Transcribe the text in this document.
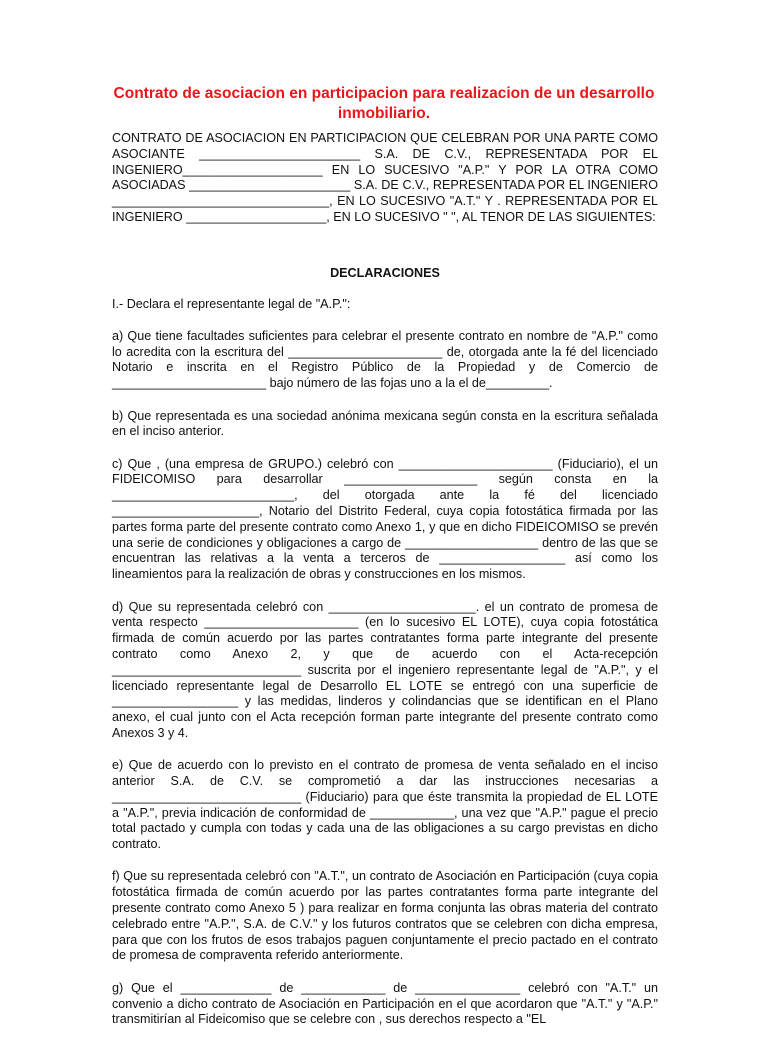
Contrato de asociacion en participacion para realizacion de un desarrollo inmobiliario.

CONTRATO DE ASOCIACION EN PARTICIPACION QUE CELEBRAN POR UNA PARTE COMO ASOCIANTE _______________________ S.A. DE C.V., REPRESENTADA POR EL INGENIERO____________________ EN LO SUCESIVO "A.P." Y POR LA OTRA COMO ASOCIADAS _______________________ S.A. DE C.V., REPRESENTADA POR EL INGENIERO _______________________________, EN LO SUCESIVO "A.T." Y . REPRESENTADA POR EL INGENIERO ____________________, EN LO SUCESIVO " ", AL TENOR DE LAS SIGUIENTES:

DECLARACIONES

I.- Declara el representante legal de "A.P.":

a) Que tiene facultades suficientes para celebrar el presente contrato en nombre de "A.P." como lo acredita con la escritura del ______________________ de, otorgada ante la fé del licenciado Notario e inscrita en el Registro Público de la Propiedad y de Comercio de ______________________ bajo número de las fojas uno a la el de_________.

b) Que representada es una sociedad anónima mexicana según consta en la escritura señalada en el inciso anterior.

c) Que , (una empresa de GRUPO.) celebró con ______________________ (Fiduciario), el un FIDEICOMISO para desarrollar ___________________ según consta en la __________________________, del otorgada ante la fé del licenciado _____________________, Notario del Distrito Federal, cuya copia fotostática firmada por las partes forma parte del presente contrato como Anexo 1, y que en dicho FIDEICOMISO se prevén una serie de condiciones y obligaciones a cargo de ___________________ dentro de las que se encuentran las relativas a la venta a terceros de __________________ así como los lineamientos para la realización de obras y construcciones en los mismos.

d) Que su representada celebró con _____________________. el un contrato de promesa de venta respecto ______________________ (en lo sucesivo EL LOTE), cuya copia fotostática firmada de común acuerdo por las partes contratantes forma parte integrante del presente contrato como Anexo 2, y que de acuerdo con el Acta-recepción ___________________________ suscrita por el ingeniero representante legal de "A.P.", y el licenciado representante legal de Desarrollo EL LOTE se entregó con una superficie de __________________ y las medidas, linderos y colindancias que se identifican en el Plano anexo, el cual junto con el Acta recepción forman parte integrante del presente contrato como Anexos 3 y 4.

e) Que de acuerdo con lo previsto en el contrato de promesa de venta señalado en el inciso anterior S.A. de C.V. se comprometió a dar las instrucciones necesarias a ___________________________ (Fiduciario) para que éste transmita la propiedad de EL LOTE a "A.P.", previa indicación de conformidad de ____________, una vez que "A.P." pague el precio total pactado y cumpla con todas y cada una de las obligaciones a su cargo previstas en dicho contrato.

f) Que su representada celebró con "A.T.", un contrato de Asociación en Participación (cuya copia fotostática firmada de común acuerdo por las partes contratantes forma parte integrante del presente contrato como Anexo 5 ) para realizar en forma conjunta las obras materia del contrato celebrado entre "A.P.", S.A. de C.V." y los futuros contratos que se celebren con dicha empresa, para que con los frutos de esos trabajos paguen conjuntamente el precio pactado en el contrato de promesa de compraventa referido anteriormente.

g) Que el _____________ de ____________ de _______________ celebró con "A.T." un convenio a dicho contrato de Asociación en Participación en el que acordaron que "A.T." y "A.P." transmitirían al Fideicomiso que se celebre con , sus derechos respecto a "EL
